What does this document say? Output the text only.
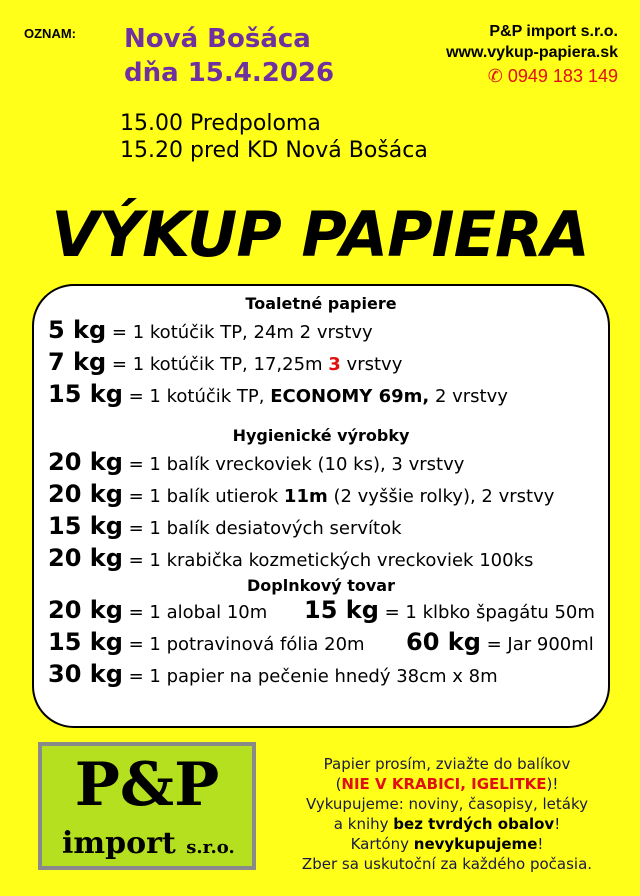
OZNAM: Nová Bošáca
dňa 15.4.2026
P&P import s.r.o.
www.vykup-papiera.sk
✆ 0949 183 149
15.00 Predpoloma
15.20 pred KD Nová Bošáca
VÝKUP PAPIERA
Toaletné papiere
5 kg = 1 kotúčik TP, 24m 2 vrstvy
7 kg = 1 kotúčik TP, 17,25m 3 vrstvy
15 kg = 1 kotúčik TP, ECONOMY 69m, 2 vrstvy
Hygienické výrobky
20 kg = 1 balík vreckoviek (10 ks), 3 vrstvy
20 kg = 1 balík utierok 11m (2 vyššie rolky), 2 vrstvy
15 kg = 1 balík desiatových servítok
20 kg = 1 krabička kozmetických vreckoviek 100ks
Doplnkový tovar
20 kg = 1 alobal 10m 15 kg = 1 klbko špagátu 50m
15 kg = 1 potravinová fólia 20m 60 kg = Jar 900ml
30 kg = 1 papier na pečenie hnedý 38cm x 8m
P&P
import s.r.o.
Papier prosím, zviažte do balíkov
(NIE V KRABICI, IGELITKE)!
Vykupujeme: noviny, časopisy, letáky
a knihy bez tvrdých obalov!
Kartóny nevykupujeme!
Zber sa uskutoční za každého počasia.
